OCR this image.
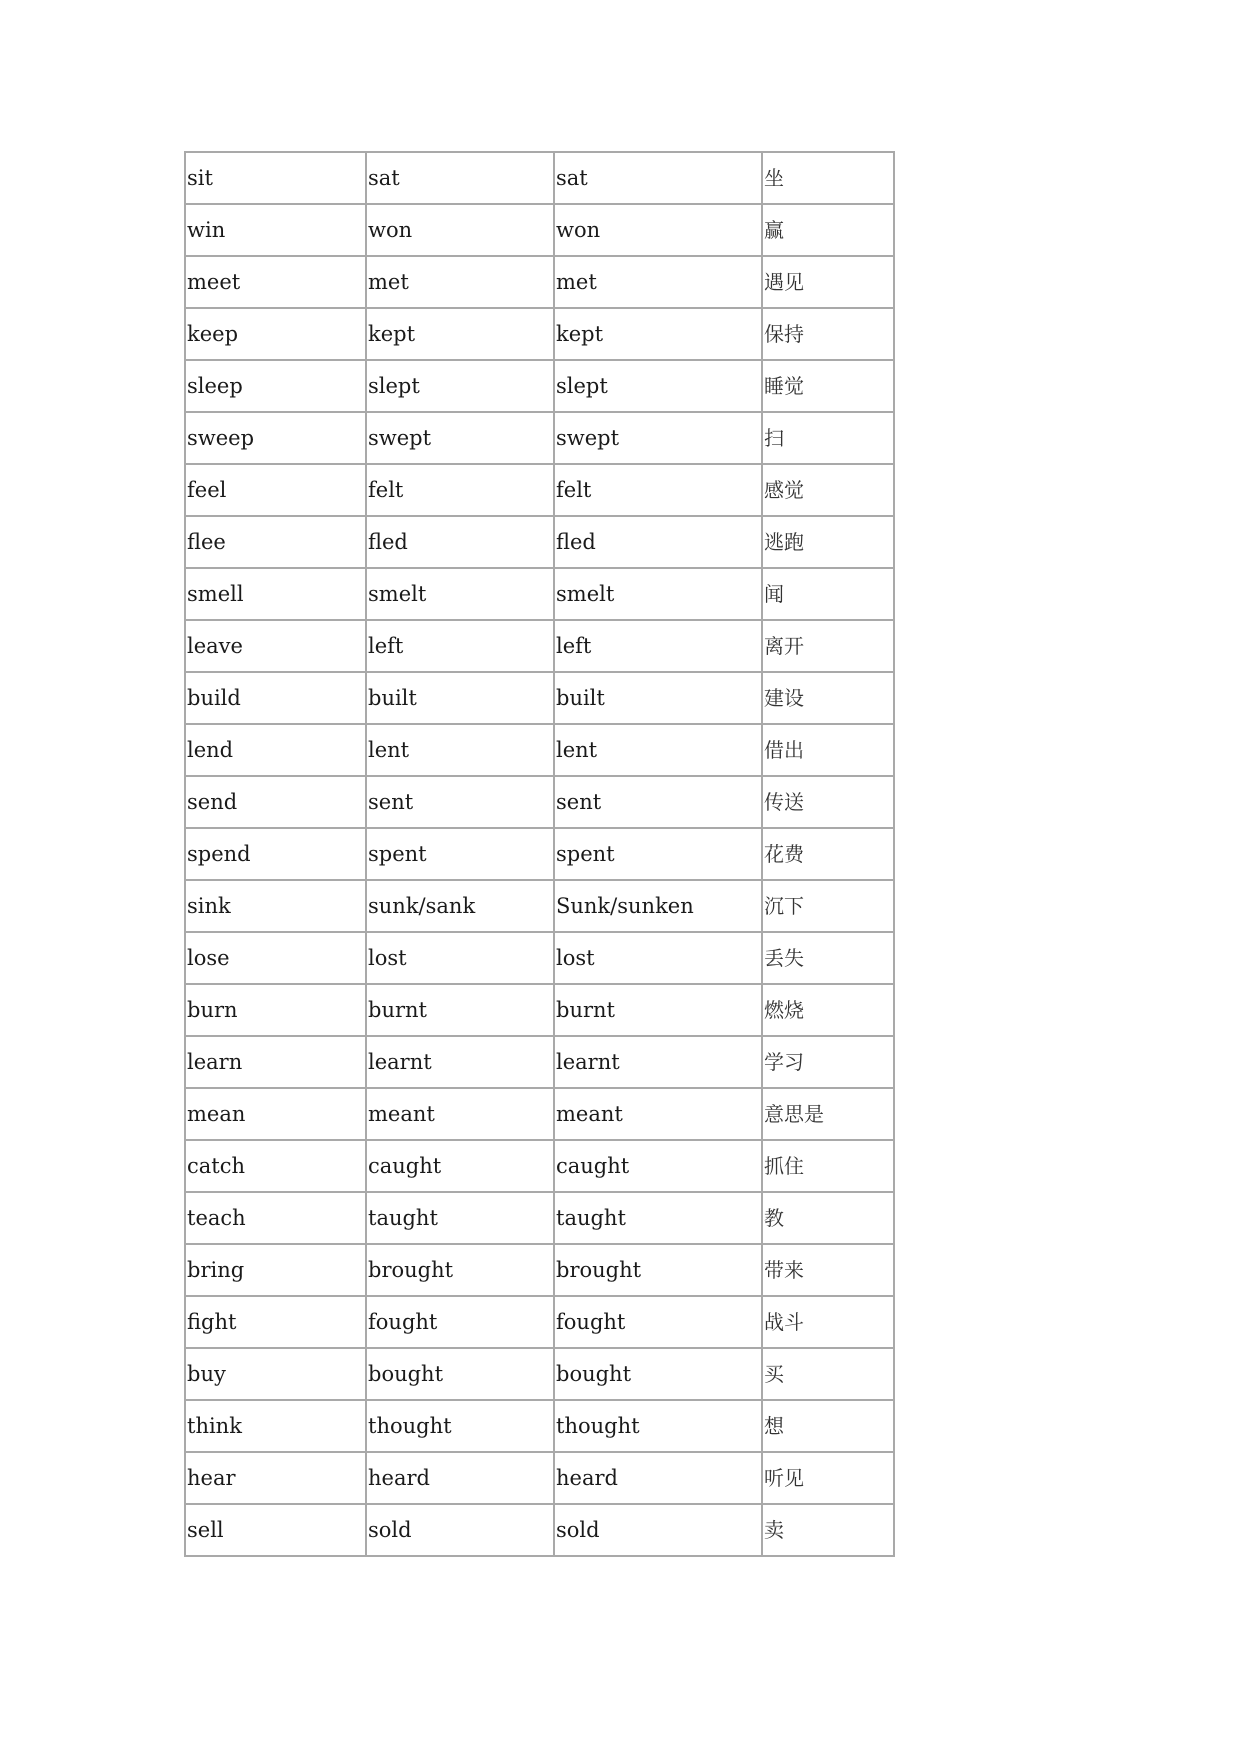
sit	sat	sat	坐
win	won	won	赢
meet	met	met	遇见
keep	kept	kept	保持
sleep	slept	slept	睡觉
sweep	swept	swept	扫
feel	felt	felt	感觉
flee	fled	fled	逃跑
smell	smelt	smelt	闻
leave	left	left	离开
build	built	built	建设
lend	lent	lent	借出
send	sent	sent	传送
spend	spent	spent	花费
sink	sunk/sank	Sunk/sunken	沉下
lose	lost	lost	丢失
burn	burnt	burnt	燃烧
learn	learnt	learnt	学习
mean	meant	meant	意思是
catch	caught	caught	抓住
teach	taught	taught	教
bring	brought	brought	带来
fight	fought	fought	战斗
buy	bought	bought	买
think	thought	thought	想
hear	heard	heard	听见
sell	sold	sold	卖
